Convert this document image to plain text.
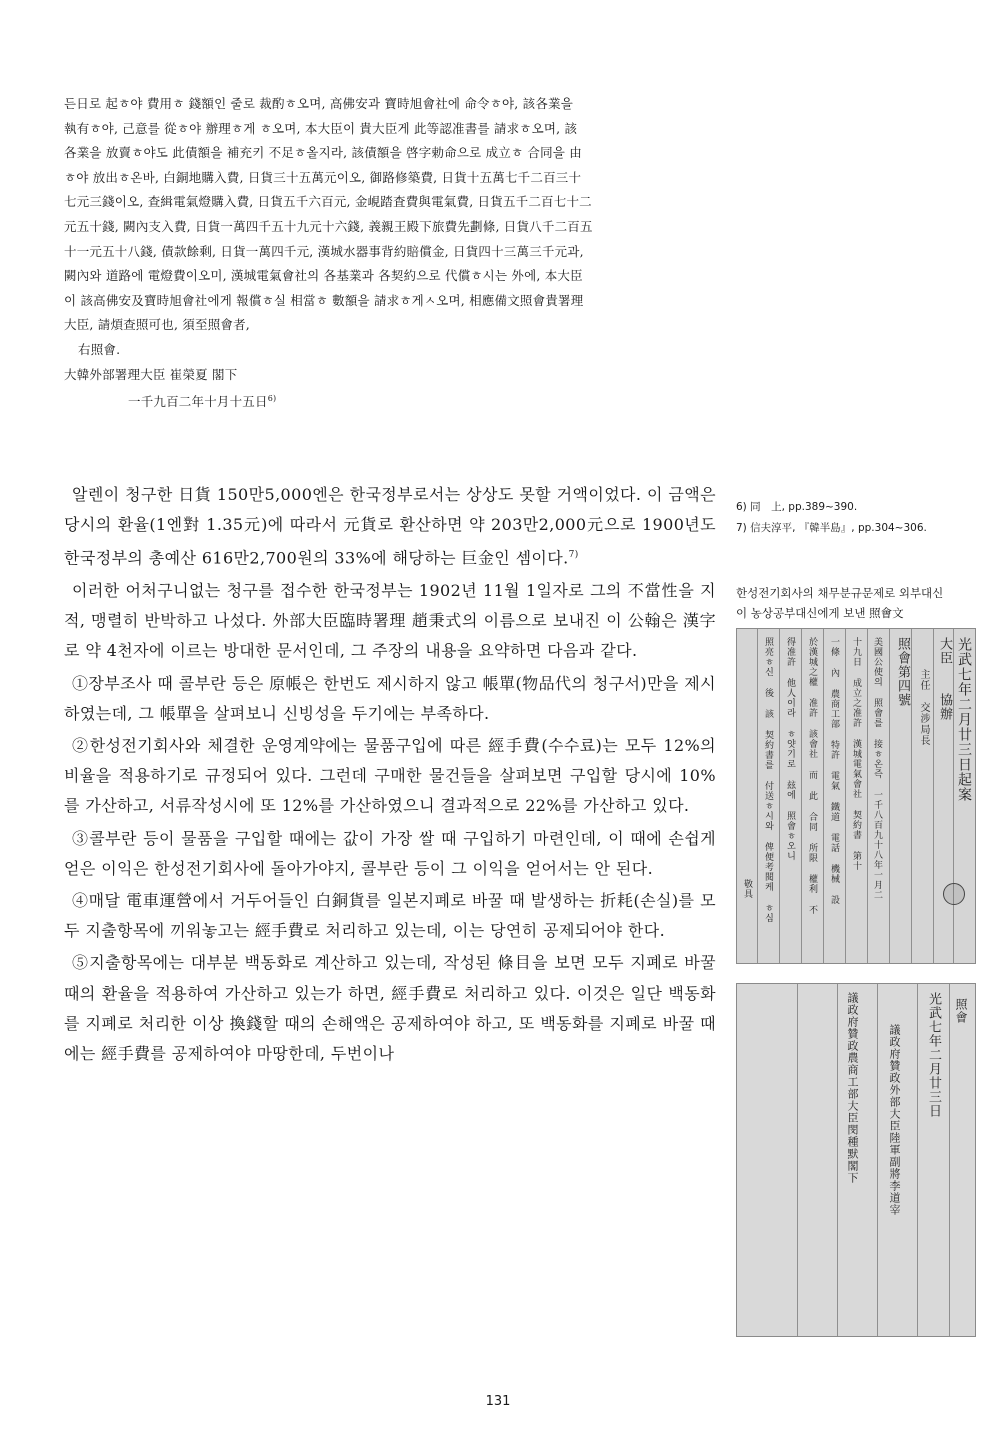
든日로 起ㅎ야 費用ㅎ 錢額인 줄로 裁酌ㅎ오며, 高佛安과 寶時旭會社에 命令ㅎ야, 該各業을
執有ㅎ야, 己意를 從ㅎ야 辦理ㅎ게 ㅎ오며, 本大臣이 貴大臣게 此等認准書를 請求ㅎ오며, 該
各業을 放賣ㅎ야도 此債額을 補充키 不足ㅎ올지라, 該債額을 啓字勅命으로 成立ㅎ 合同을 由
ㅎ야 放出ㅎ온바, 白銅地購入費, 日貨三十五萬元이오, 御路修築費, 日貨十五萬七千二百三十
七元三錢이오, 查緝電氣燈購入費, 日貨五千六百元, 金峴踏査費與電氣費, 日貨五千二百七十二
元五十錢, 闕內支入費, 日貨一萬四千五十九元十六錢, 義親王殿下旅費先劃條, 日貨八千二百五
十一元五十八錢, 債款餘剩, 日貨一萬四千元, 漢城水器事背約賠償金, 日貨四十三萬三千元과,
闕內와 道路에 電燈費이오미, 漢城電氣會社의 各基業과 各契約으로 代償ㅎ시는 外에, 本大臣
이 該高佛安及寶時旭會社에게 報償ㅎ실 相當ㅎ 數額을 請求ㅎ게ㅅ오며, 相應備文照會貴署理
大臣, 請煩查照可也, 須至照會者,
右照會.
大韓外部署理大臣 崔榮夏 閣下
一千九百二年十月十五日$^{6)}$

알렌이 청구한 日貨 150만5,000엔은 한국정부로서는 상상도 못할 거액이었다. 이 금액은 당시의 환율(1엔對 1.35元)에 따라서 元貨로 환산하면 약 203만2,000元으로 1900년도 한국정부의 총예산 616만2,700원의 33%에 해당하는 巨金인 셈이다.$^{7)}$

이러한 어처구니없는 청구를 접수한 한국정부는 1902년 11월 1일자로 그의 不當性을 지적, 맹렬히 반박하고 나섰다. 外部大臣臨時署理 趙秉式의 이름으로 보내진 이 公翰은 漢字로 약 4천자에 이르는 방대한 문서인데, 그 주장의 내용을 요약하면 다음과 같다.

①장부조사 때 콜부란 등은 原帳은 한번도 제시하지 않고 帳單(物品代의 청구서)만을 제시하였는데, 그 帳單을 살펴보니 신빙성을 두기에는 부족하다.

②한성전기회사와 체결한 운영계약에는 물품구입에 따른 經手費(수수료)는 모두 12%의 비율을 적용하기로 규정되어 있다. 그런데 구매한 물건들을 살펴보면 구입할 당시에 10%를 가산하고, 서류작성시에 또 12%를 가산하였으니 결과적으로 22%를 가산하고 있다.

③콜부란 등이 물품을 구입할 때에는 값이 가장 쌀 때 구입하기 마련인데, 이 때에 손쉽게 얻은 이익은 한성전기회사에 돌아가야지, 콜부란 등이 그 이익을 얻어서는 안 된다.

④매달 電車運營에서 거두어들인 白銅貨를 일본지폐로 바꿀 때 발생하는 折耗(손실)를 모두 지출항목에 끼워놓고는 經手費로 처리하고 있는데, 이는 당연히 공제되어야 한다.

⑤지출항목에는 대부분 백동화로 계산하고 있는데, 작성된 條目을 보면 모두 지폐로 바꿀 때의 환율을 적용하여 가산하고 있는가 하면, 經手費로 처리하고 있다. 이것은 일단 백동화를 지폐로 처리한 이상 換錢할 때의 손해액은 공제하여야 하고, 또 백동화를 지폐로 바꿀 때에는 經手費를 공제하여야 마땅한데, 두번이나

6) 同　上, pp.389~390.
7) 信夫淳平, 『韓半島』, pp.304~306.
한성전기회사의 채무분규문제로 외부대신
이 농상공부대신에게 보낸 照會文
光武七年二月廿三日起案
大臣　　協辦
主任　交涉局長
照會第四號
美國公使의 照會를 接ㅎ온즉 一千八百九十八年一月二
十九日 成立之准許 漢城電氣會社 契約書 第十
一條 內 農商工部 特許 電氣 鐵道 電話 機械 設
於漢城之權 准許 該會社 而 此 合同 所限 權利 不
得准許 他人이라 ㅎ얏기로 玆에 照會ㅎ오니
照亮ㅎ신 後 該 契約書를 付送ㅎ시와 俾便考閱케 ㅎ심
敬具
光武七年二月廿三日
議政府贊政外部大臣陸軍副將李道宰
議政府贊政農商工部大臣閔種默閣下	照會
131
